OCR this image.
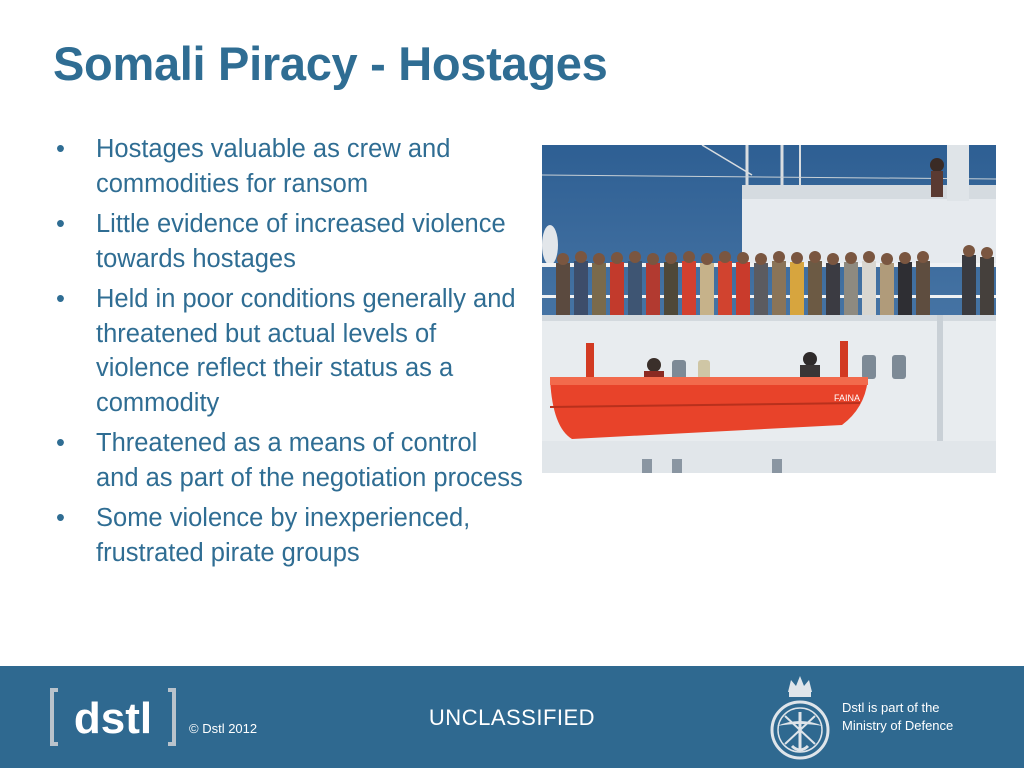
Somali Piracy - Hostages
• Hostages valuable as crew and commodities for ransom
• Little evidence of increased violence towards hostages
• Held in poor conditions generally and threatened but actual levels of violence reflect their status as a commodity
• Threatened as a means of control and as part of the negotiation process
• Some violence by inexperienced, frustrated pirate groups
FAINA
dstl	© Dstl 2012	UNCLASSIFIED	Dstl is part of the
Ministry of Defence
